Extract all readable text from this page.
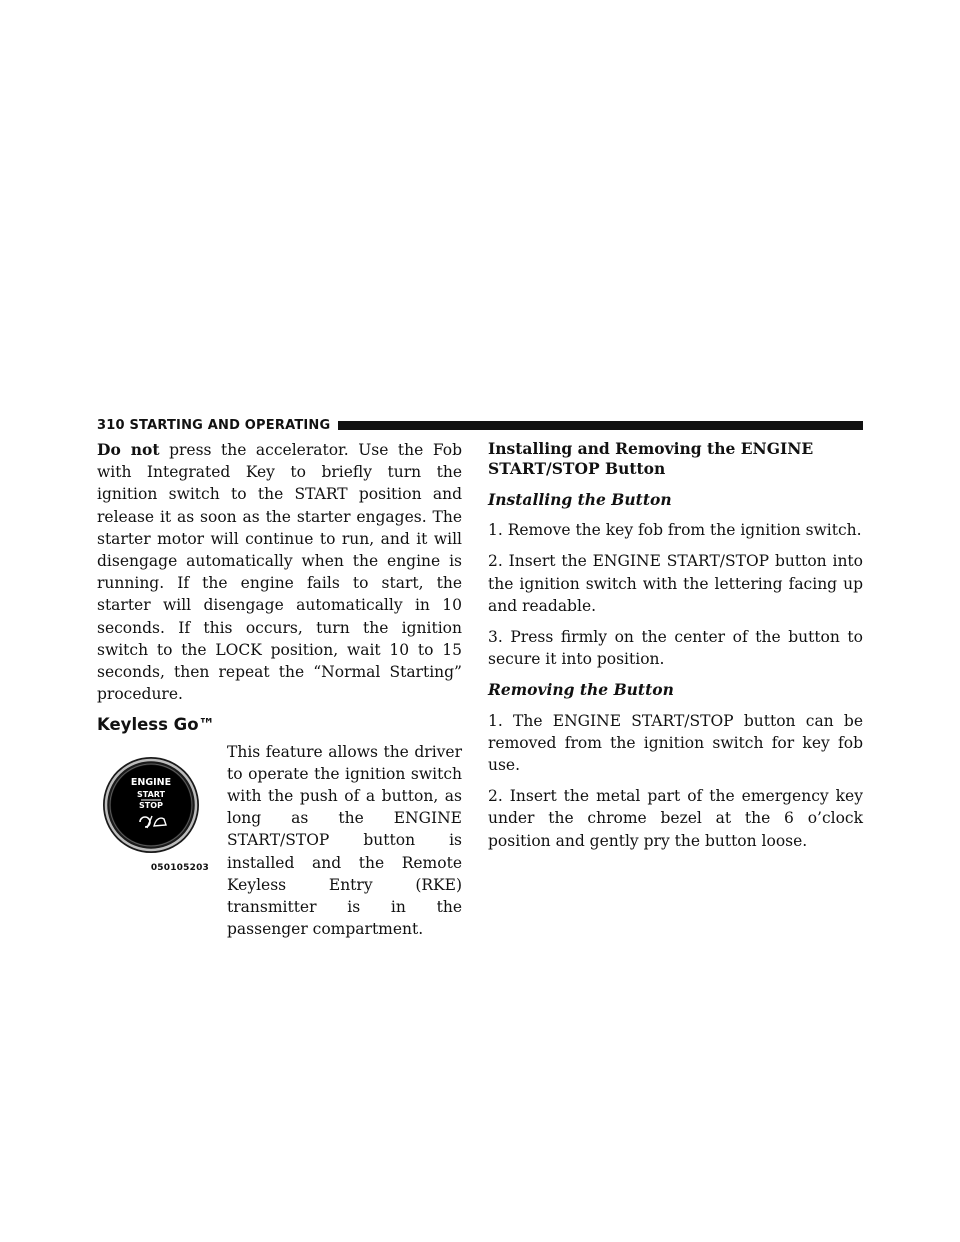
310 STARTING AND OPERATING

Do not press the accelerator. Use the Fob with Integrated Key to briefly turn the ignition switch to the START position and release it as soon as the starter engages. The starter motor will continue to run, and it will disengage automatically when the engine is running. If the engine fails to start, the starter will disengage automatically in 10 seconds. If this occurs, turn the ignition switch to the LOCK position, wait 10 to 15 seconds, then repeat the “Normal Starting” procedure.

Keyless Go™
ENGINE
START
STOP
050105203

This feature allows the driver to operate the ignition switch with the push of a button, as long as the ENGINE START/STOP button is installed and the Remote Keyless Entry (RKE) transmitter is in the passenger compartment.

Installing and Removing the ENGINE START/STOP Button
Installing the Button

1. Remove the key fob from the ignition switch.

2. Insert the ENGINE START/STOP button into the ignition switch with the lettering facing up and readable.

3. Press firmly on the center of the button to secure it into position.

Removing the Button

1. The ENGINE START/STOP button can be removed from the ignition switch for key fob use.

2. Insert the metal part of the emergency key under the chrome bezel at the 6 o’clock position and gently pry the button loose.
